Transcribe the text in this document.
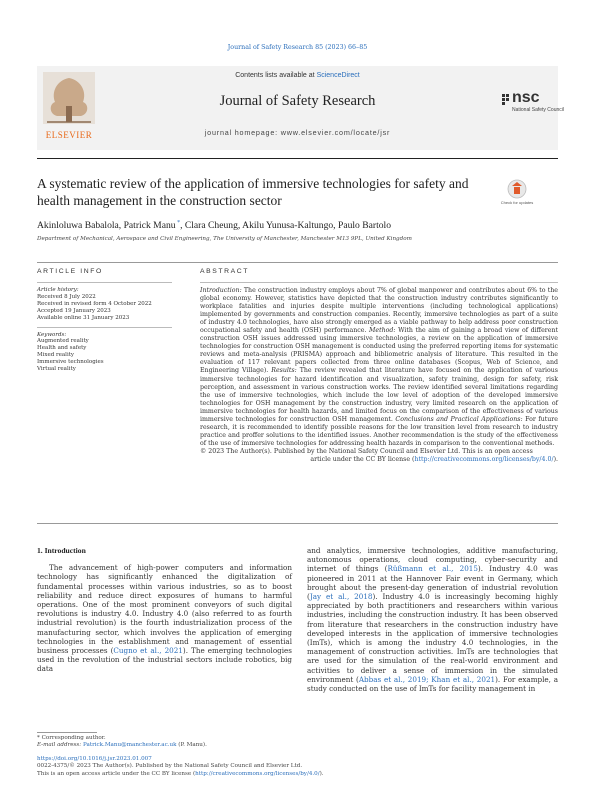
Journal of Safety Research 85 (2023) 66–85
ELSEVIER
Contents lists available at ScienceDirect
Journal of Safety Research
journal homepage: www.elsevier.com/locate/jsr
nsc
National Safety Council
A systematic review of the application of immersive technologies for safety and health management in the construction sector	Check for updates
Akinloluwa Babalola, Patrick Manu *, Clara Cheung, Akilu Yunusa-Kaltungo, Paulo Bartolo
Department of Mechanical, Aerospace and Civil Engineering, The University of Manchester, Manchester M13 9PL, United Kingdom
ARTICLE INFO
Article history:
Received 8 July 2022
Received in revised form 4 October 2022
Accepted 19 January 2023
Available online 31 January 2023
Keywords:
Augmented reality
Health and safety
Mixed reality
Immersive technologies
Virtual reality
ABSTRACT

Introduction: The construction industry employs about 7% of global manpower and contributes about 6% to the global economy. However, statistics have depicted that the construction industry contributes significantly to workplace fatalities and injuries despite multiple interventions (including technological applications) implemented by governments and construction companies. Recently, immersive technologies as part of a suite of industry 4.0 technologies, have also strongly emerged as a viable pathway to help address poor construction occupational safety and health (OSH) performance. Method: With the aim of gaining a broad view of different construction OSH issues addressed using immersive technologies, a review on the application of immersive technologies for construction OSH management is conducted using the preferred reporting items for systematic reviews and meta-analysis (PRISMA) approach and bibliometric analysis of literature. This resulted in the evaluation of 117 relevant papers collected from three online databases (Scopus, Web of Science, and Engineering Village). Results: The review revealed that literature have focused on the application of various immersive technologies for hazard identification and visualization, safety training, design for safety, risk perception, and assessment in various construction works. The review identified several limitations regarding the use of immersive technologies, which include the low level of adoption of the developed immersive technologies for OSH management by the construction industry, very limited research on the application of immersive technologies for health hazards, and limited focus on the comparison of the effectiveness of various immersive technologies for construction OSH management. Conclusions and Practical Applications: For future research, it is recommended to identify possible reasons for the low transition level from research to industry practice and proffer solutions to the identified issues. Another recommendation is the study of the effectiveness of the use of immersive technologies for addressing health hazards in comparison to the conventional methods.

© 2023 The Author(s). Published by the National Safety Council and Elsevier Ltd. This is an open access
article under the CC BY license (http://creativecommons.org/licenses/by/4.0/).
1. Introduction

The advancement of high-power computers and information technology has significantly enhanced the digitalization of fundamental processes within various industries, so as to boost reliability and reduce direct exposures of humans to harmful operations. One of the most prominent conveyors of such digital revolutions is industry 4.0. Industry 4.0 (also referred to as fourth industrial revolution) is the fourth industrialization process of the manufacturing sector, which involves the application of emerging technologies in the establishment and management of essential business processes (Cugno et al., 2021). The emerging technologies used in the revolution of the industrial sectors include robotics, big data

and analytics, immersive technologies, additive manufacturing, autonomous operations, cloud computing, cyber-security and internet of things (Rüßmann et al., 2015). Industry 4.0 was pioneered in 2011 at the Hannover Fair event in Germany, which brought about the present-day generation of industrial revolution (Jay et al., 2018). Industry 4.0 is increasingly becoming highly appreciated by both practitioners and researchers within various industries, including the construction industry. It has been observed from literature that researchers in the construction industry have developed interests in the application of immersive technologies (ImTs), which is among the industry 4.0 technologies, in the management of construction activities. ImTs are technologies that are used for the simulation of the real-world environment and activities to deliver a sense of immersion in the simulated environment (Abbas et al., 2019; Khan et al., 2021). For example, a study conducted on the use of ImTs for facility management in

* Corresponding author.
E-mail address: Patrick.Manu@manchester.ac.uk (P. Manu).
https://doi.org/10.1016/j.jsr.2023.01.007
0022-4375/© 2023 The Author(s). Published by the National Safety Council and Elsevier Ltd.
This is an open access article under the CC BY license (http://creativecommons.org/licenses/by/4.0/).
